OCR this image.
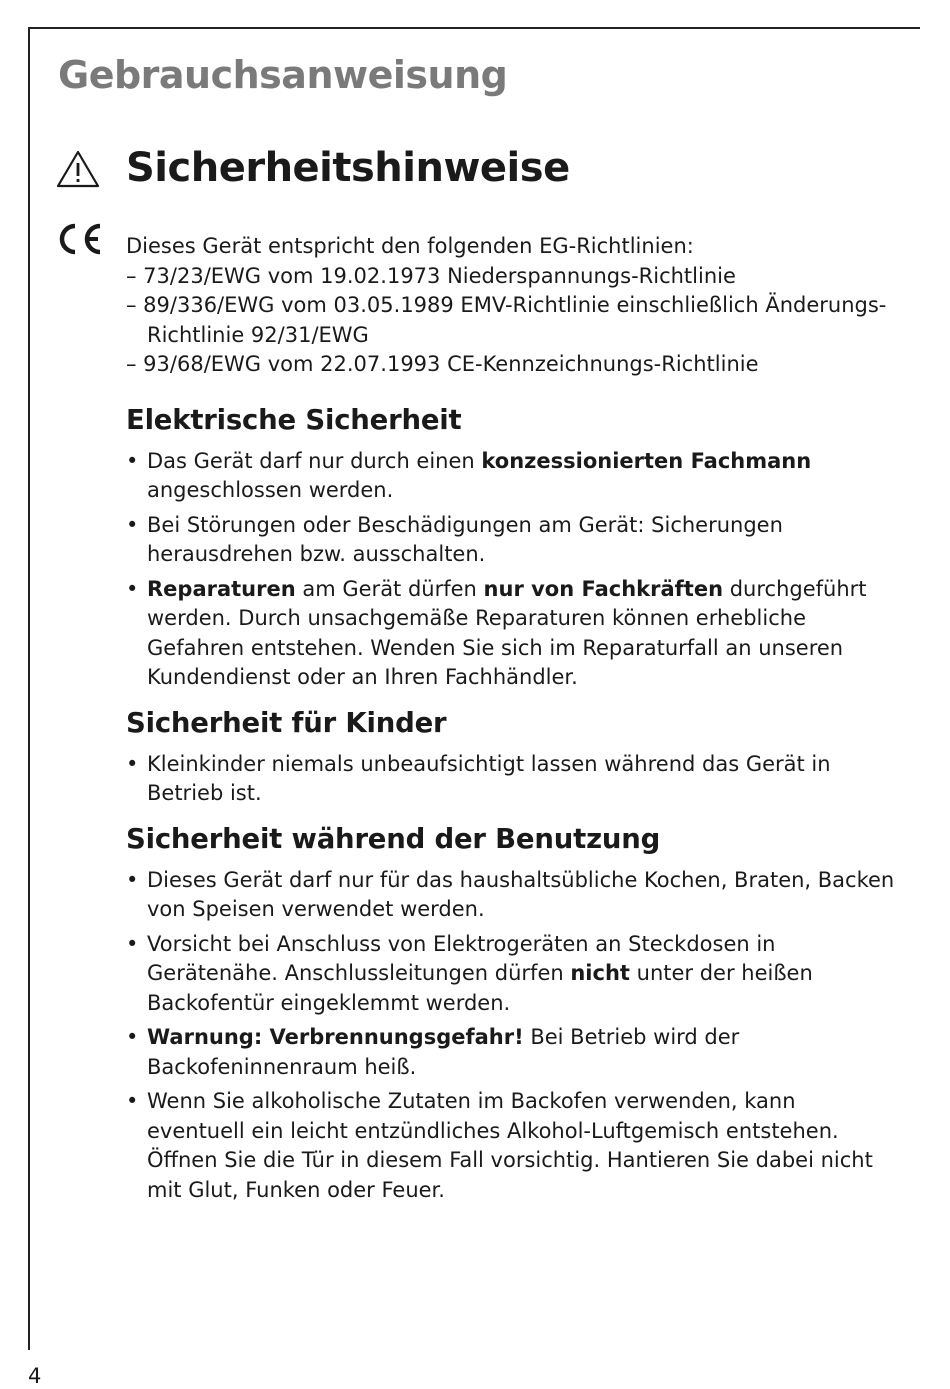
Gebrauchsanweisung
Sicherheitshinweise

Dieses Gerät entspricht den folgenden EG-Richtlinien:

– 73/23/EWG vom 19.02.1973 Niederspannungs-Richtlinie
– 89/336/EWG vom 03.05.1989 EMV-Richtlinie einschließlich Änderungs-Richtlinie 92/31/EWG
– 93/68/EWG vom 22.07.1993 CE-Kennzeichnungs-Richtlinie
Elektrische Sicherheit
• Das Gerät darf nur durch einen konzessionierten Fachmann angeschlossen werden.
• Bei Störungen oder Beschädigungen am Gerät: Sicherungen herausdrehen bzw. ausschalten.
• Reparaturen am Gerät dürfen nur von Fachkräften durchgeführt werden. Durch unsachgemäße Reparaturen können erhebliche Gefahren entstehen. Wenden Sie sich im Reparaturfall an unseren Kundendienst oder an Ihren Fachhändler.
Sicherheit für Kinder
• Kleinkinder niemals unbeaufsichtigt lassen während das Gerät in Betrieb ist.
Sicherheit während der Benutzung
• Dieses Gerät darf nur für das haushaltsübliche Kochen, Braten, Backen von Speisen verwendet werden.
• Vorsicht bei Anschluss von Elektrogeräten an Steckdosen in Gerätenähe. Anschlussleitungen dürfen nicht unter der heißen Backofentür eingeklemmt werden.
• Warnung: Verbrennungsgefahr! Bei Betrieb wird der Backofeninnenraum heiß.
• Wenn Sie alkoholische Zutaten im Backofen verwenden, kann eventuell ein leicht entzündliches Alkohol-Luftgemisch entstehen. Öffnen Sie die Tür in diesem Fall vorsichtig. Hantieren Sie dabei nicht mit Glut, Funken oder Feuer.
4
